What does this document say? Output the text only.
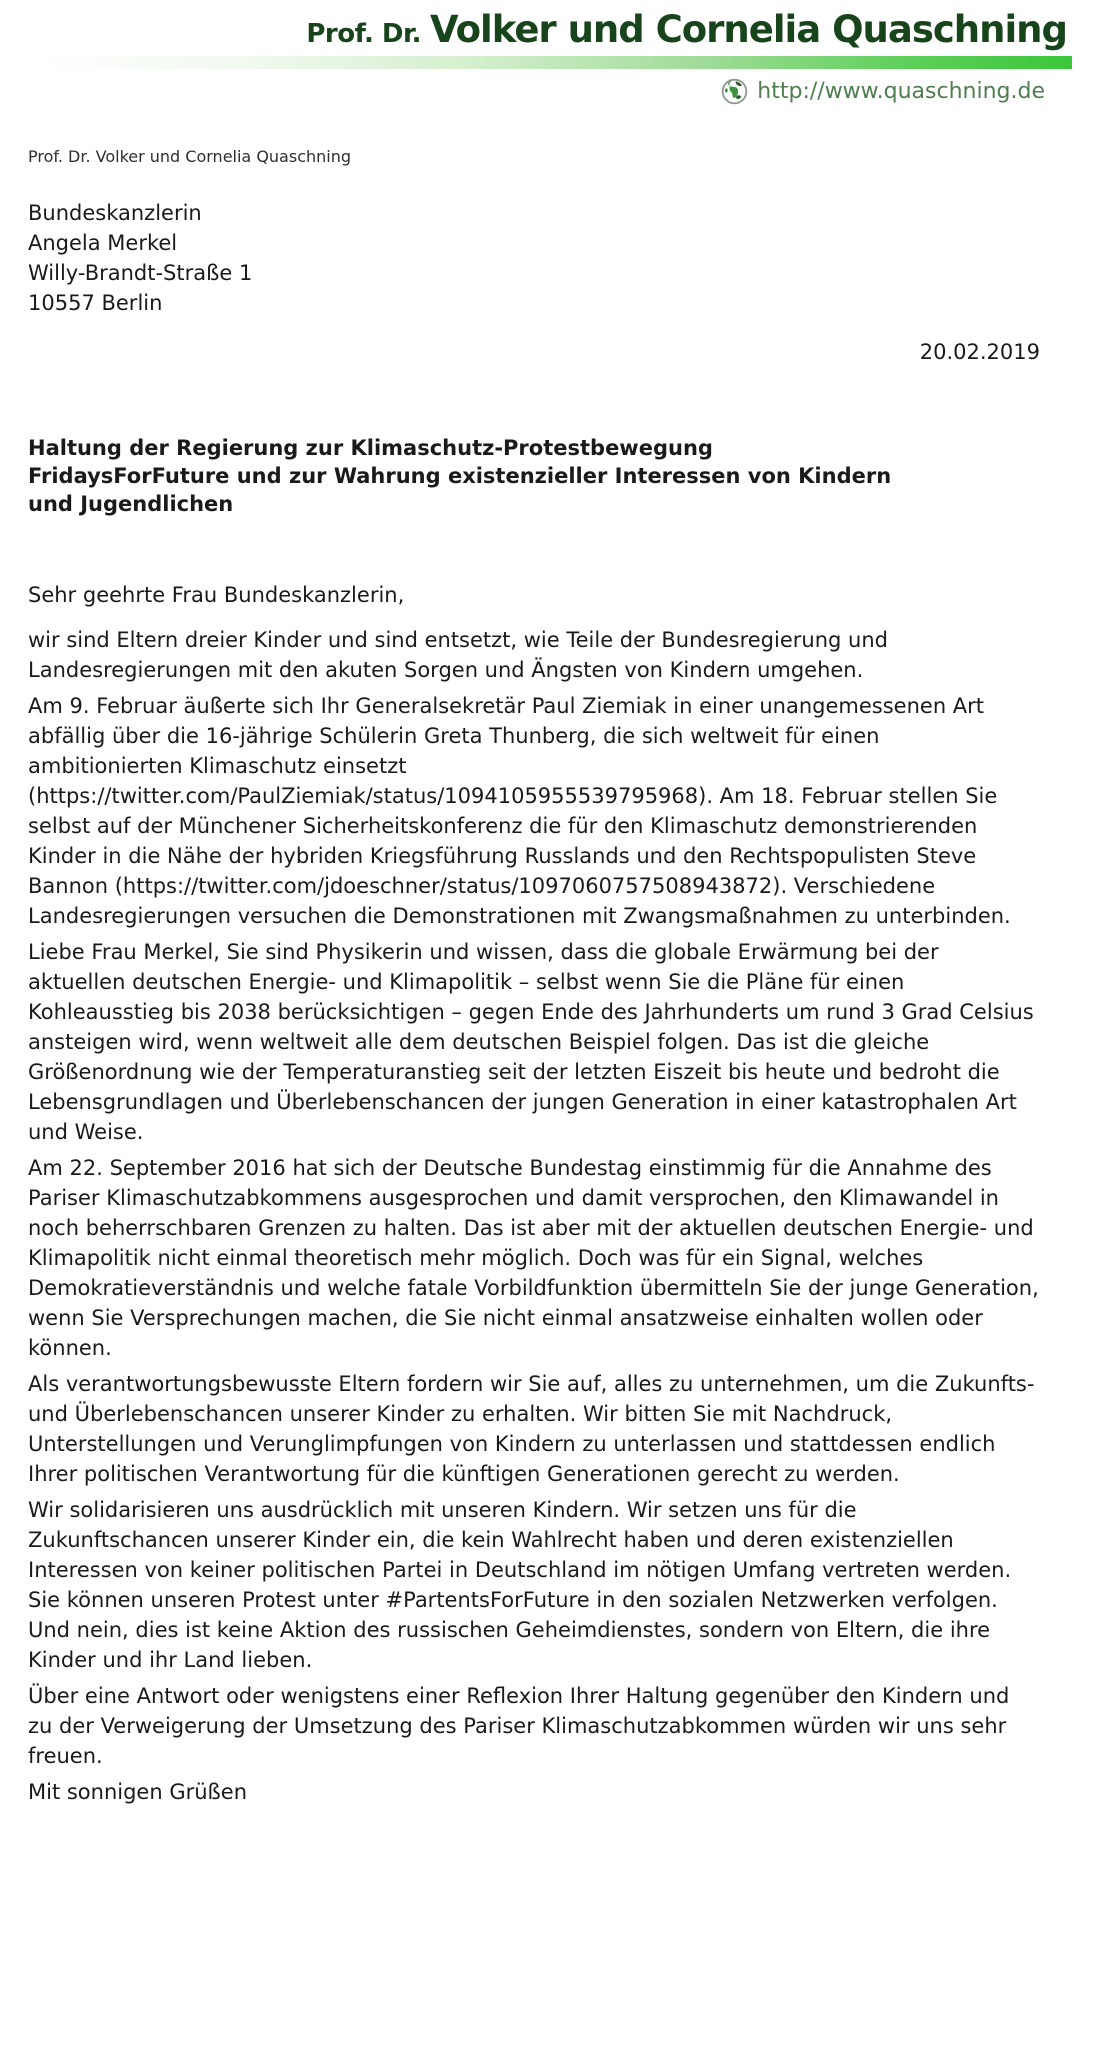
Prof. Dr. Volker und Cornelia Quaschning
http://www.quaschning.de
Prof. Dr. Volker und Cornelia Quaschning
Bundeskanzlerin
Angela Merkel
Willy-Brandt-Straße 1
10557 Berlin
20.02.2019
Haltung der Regierung zur Klimaschutz-Protestbewegung
FridaysForFuture und zur Wahrung existenzieller Interessen von Kindern
und Jugendlichen
Sehr geehrte Frau Bundeskanzlerin,

wir sind Eltern dreier Kinder und sind entsetzt, wie Teile der Bundesregierung und Landesregierungen mit den akuten Sorgen und Ängsten von Kindern umgehen.

Am 9. Februar äußerte sich Ihr Generalsekretär Paul Ziemiak in einer unangemessenen Art abfällig über die 16-jährige Schülerin Greta Thunberg, die sich weltweit für einen ambitionierten Klimaschutz einsetzt (https://twitter.com/PaulZiemiak/status/1094105955539795968). Am 18. Februar stellen Sie selbst auf der Münchener Sicherheitskonferenz die für den Klimaschutz demonstrierenden Kinder in die Nähe der hybriden Kriegsführung Russlands und den Rechtspopulisten Steve Bannon (https://twitter.com/jdoeschner/status/1097060757508943872). Verschiedene Landesregierungen versuchen die Demonstrationen mit Zwangsmaßnahmen zu unterbinden.

Liebe Frau Merkel, Sie sind Physikerin und wissen, dass die globale Erwärmung bei der aktuellen deutschen Energie- und Klimapolitik – selbst wenn Sie die Pläne für einen Kohleausstieg bis 2038 berücksichtigen – gegen Ende des Jahrhunderts um rund 3 Grad Celsius ansteigen wird, wenn weltweit alle dem deutschen Beispiel folgen. Das ist die gleiche Größenordnung wie der Temperaturanstieg seit der letzten Eiszeit bis heute und bedroht die Lebensgrundlagen und Überlebenschancen der jungen Generation in einer katastrophalen Art und Weise.

Am 22. September 2016 hat sich der Deutsche Bundestag einstimmig für die Annahme des Pariser Klimaschutzabkommens ausgesprochen und damit versprochen, den Klimawandel in noch beherrschbaren Grenzen zu halten. Das ist aber mit der aktuellen deutschen Energie- und Klimapolitik nicht einmal theoretisch mehr möglich. Doch was für ein Signal, welches Demokratieverständnis und welche fatale Vorbildfunktion übermitteln Sie der junge Generation, wenn Sie Versprechungen machen, die Sie nicht einmal ansatzweise einhalten wollen oder können.

Als verantwortungsbewusste Eltern fordern wir Sie auf, alles zu unternehmen, um die Zukunfts- und Überlebenschancen unserer Kinder zu erhalten. Wir bitten Sie mit Nachdruck, Unterstellungen und Verunglimpfungen von Kindern zu unterlassen und stattdessen endlich Ihrer politischen Verantwortung für die künftigen Generationen gerecht zu werden.

Wir solidarisieren uns ausdrücklich mit unseren Kindern. Wir setzen uns für die Zukunftschancen unserer Kinder ein, die kein Wahlrecht haben und deren existenziellen Interessen von keiner politischen Partei in Deutschland im nötigen Umfang vertreten werden. Sie können unseren Protest unter #PartentsForFuture in den sozialen Netzwerken verfolgen. Und nein, dies ist keine Aktion des russischen Geheimdienstes, sondern von Eltern, die ihre Kinder und ihr Land lieben.

Über eine Antwort oder wenigstens einer Reflexion Ihrer Haltung gegenüber den Kindern und zu der Verweigerung der Umsetzung des Pariser Klimaschutzabkommen würden wir uns sehr freuen.

Mit sonnigen Grüßen
